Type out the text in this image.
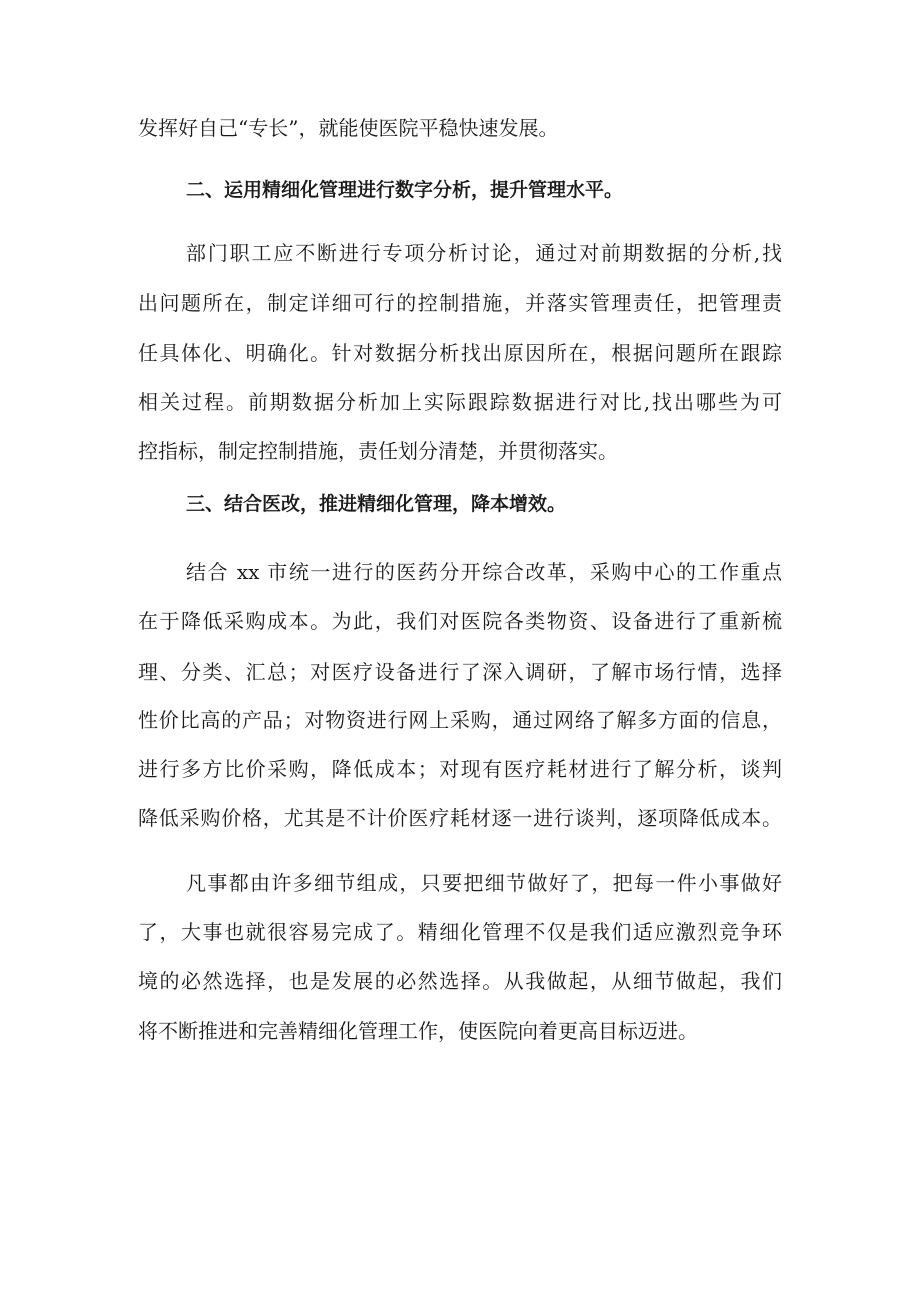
发挥好自己“专长”，就能使医院平稳快速发展。
二、运用精细化管理进行数字分析，提升管理水平。
部门职工应不断进行专项分析讨论，通过对前期数据的分析,找
出问题所在，制定详细可行的控制措施，并落实管理责任，把管理责
任具体化、明确化。针对数据分析找出原因所在，根据问题所在跟踪
相关过程。前期数据分析加上实际跟踪数据进行对比,找出哪些为可
控指标，制定控制措施，责任划分清楚，并贯彻落实。
三、结合医改，推进精细化管理，降本增效。
结合 xx 市统一进行的医药分开综合改革，采购中心的工作重点
在于降低采购成本。为此，我们对医院各类物资、设备进行了重新梳
理、分类、汇总；对医疗设备进行了深入调研，了解市场行情，选择
性价比高的产品；对物资进行网上采购，通过网络了解多方面的信息，
进行多方比价采购，降低成本；对现有医疗耗材进行了解分析，谈判
降低采购价格，尤其是不计价医疗耗材逐一进行谈判，逐项降低成本。
凡事都由许多细节组成，只要把细节做好了，把每一件小事做好
了，大事也就很容易完成了。精细化管理不仅是我们适应激烈竞争环
境的必然选择，也是发展的必然选择。从我做起，从细节做起，我们
将不断推进和完善精细化管理工作，使医院向着更高目标迈进。
